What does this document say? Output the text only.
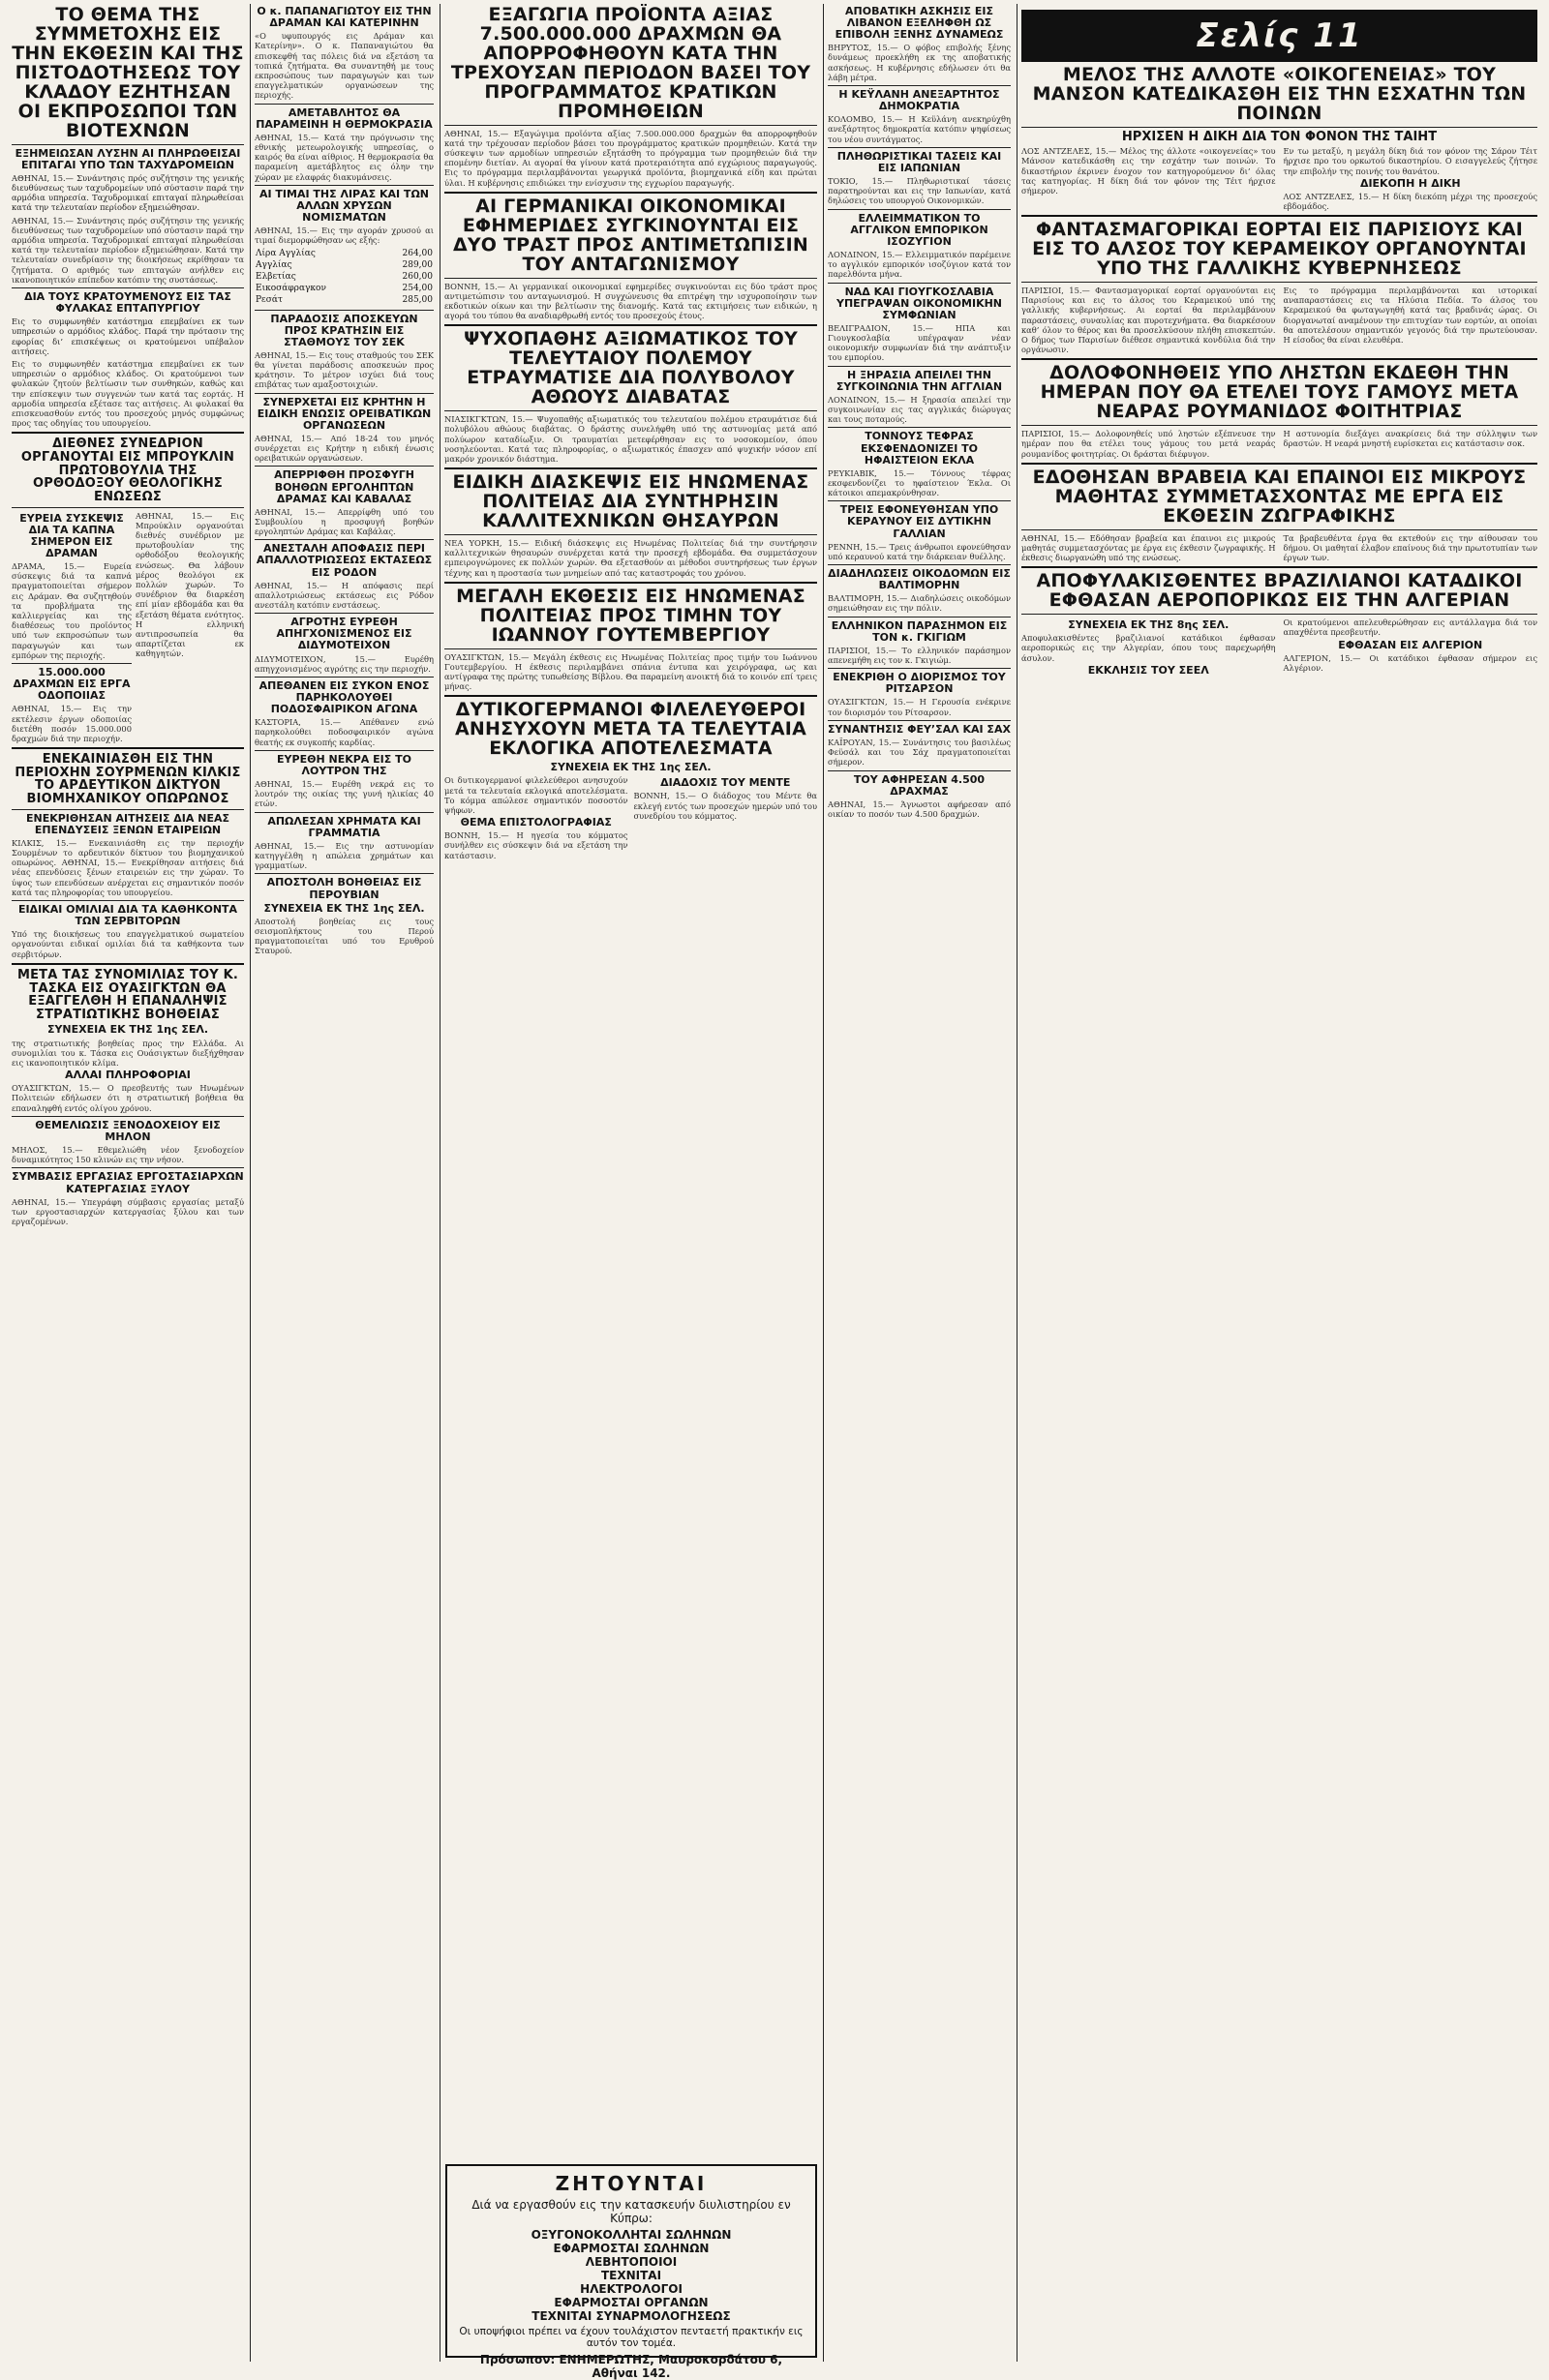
ΤΟ ΘΕΜΑ ΤΗΣ ΣΥΜΜΕΤΟΧΗΣ ΕΙΣ ΤΗΝ ΕΚΘΕΣΙΝ ΚΑΙ ΤΗΣ ΠΙΣΤΟΔΟΤΗΣΕΩΣ ΤΟΥ ΚΛΑΔΟΥ ΕΖΗΤΗΣΑΝ ΟΙ ΕΚΠΡΟΣΩΠΟΙ ΤΩΝ ΒΙΟΤΕΧΝΩΝ
ΕΞΗΜΕΙΩΣΑΝ ΛΥΣΗΝ ΑΙ ΠΛΗΡΩΘΕΙΣΑΙ ΕΠΙΤΑΓΑΙ ΥΠΟ ΤΩΝ ΤΑΧΥΔΡΟΜΕΙΩΝ

ΑΘΗΝΑΙ, 15.— Συνάντησις πρός συζήτησιν της γενικής διευθύνσεως των ταχυδρομείων υπό σύστασιν παρά την αρμόδια υπηρεσία. Ταχυδρομικαί επιταγαί πληρωθείσαι κατά την τελευταίαν περίοδον εξημειώθησαν.

ΑΘΗΝΑΙ, 15.— Συνάντησις πρός συζήτησιν της γενικής διευθύνσεως των ταχυδρομείων υπό σύστασιν παρά την αρμόδια υπηρεσία. Ταχυδρομικαί επιταγαί πληρωθείσαι κατά την τελευταίαν περίοδον εξημειώθησαν. Κατά την τελευταίαν συνεδρίασιν της διοικήσεως εκρίθησαν τα ζητήματα. Ο αριθμός των επιταγών ανήλθεν εις ικανοποιητικόν επίπεδον κατόπιν της συστάσεως.

ΔΙΑ ΤΟΥΣ ΚΡΑΤΟΥΜΕΝΟΥΣ ΕΙΣ ΤΑΣ ΦΥΛΑΚΑΣ ΕΠΤΑΠΥΡΓΙΟΥ

Εις το συμφωνηθέν κατάστημα επεμβαίνει εκ των υπηρεσιών ο αρμόδιος κλάδος. Παρά την πρότασιν της εφορίας δι’ επισκέψεως οι κρατούμενοι υπέβαλον αιτήσεις.

Εις το συμφωνηθέν κατάστημα επεμβαίνει εκ των υπηρεσιών ο αρμόδιος κλάδος. Οι κρατούμενοι των φυλακών ζητούν βελτίωσιν των συνθηκών, καθώς και την επίσκεψιν των συγγενών των κατά τας εορτάς. Η αρμοδία υπηρεσία εξέτασε τας αιτήσεις. Αι φυλακαί θα επισκευασθούν εντός του προσεχούς μηνός συμφώνως προς τας οδηγίας του υπουργείου.

ΔΙΕΘΝΕΣ ΣΥΝΕΔΡΙΟΝ ΟΡΓΑΝΟΥΤΑΙ ΕΙΣ ΜΠΡΟΥΚΛΙΝ ΠΡΩΤΟΒΟΥΛΙΑ ΤΗΣ ΟΡΘΟΔΟΞΟΥ ΘΕΟΛΟΓΙΚΗΣ ΕΝΩΣΕΩΣ
ΕΥΡΕΙΑ ΣΥΣΚΕΨΙΣ ΔΙΑ ΤΑ ΚΑΠΝΑ ΣΗΜΕΡΟΝ ΕΙΣ ΔΡΑΜΑΝ

ΔΡΑΜΑ, 15.— Ευρεία σύσκεψις διά τα καπνά πραγματοποιείται σήμερον εις Δράμαν. Θα συζητηθούν τα προβλήματα της καλλιεργείας και της διαθέσεως του προϊόντος υπό των εκπροσώπων των παραγωγών και των εμπόρων της περιοχής.

15.000.000 ΔΡΑΧΜΩΝ ΕΙΣ ΕΡΓΑ ΟΔΟΠΟΙΙΑΣ

ΑΘΗΝΑΙ, 15.— Εις την εκτέλεσιν έργων οδοποιίας διετέθη ποσόν 15.000.000 δραχμών διά την περιοχήν.

ΑΘΗΝΑΙ, 15.— Εις Μπρούκλιν οργανούται διεθνές συνέδριον με πρωτοβουλίαν της ορθοδόξου θεολογικής ενώσεως. Θα λάβουν μέρος θεολόγοι εκ πολλών χωρών. Το συνέδριον θα διαρκέση επί μίαν εβδομάδα και θα εξετάση θέματα ενότητος. Η ελληνική αντιπροσωπεία θα απαρτίζεται εκ καθηγητών.

ΕΝΕΚΑΙΝΙΑΣΘΗ ΕΙΣ ΤΗΝ ΠΕΡΙΟΧΗΝ ΣΟΥΡΜΕΝΩΝ ΚΙΛΚΙΣ ΤΟ ΑΡΔΕΥΤΙΚΟΝ ΔΙΚΤΥΟΝ ΒΙΟΜΗΧΑΝΙΚΟΥ ΟΠΩΡΩΝΟΣ
ΕΝΕΚΡΙΘΗΣΑΝ ΑΙΤΗΣΕΙΣ ΔΙΑ ΝΕΑΣ ΕΠΕΝΔΥΣΕΙΣ ΞΕΝΩΝ ΕΤΑΙΡΕΙΩΝ

ΚΙΛΚΙΣ, 15.— Ενεκαινιάσθη εις την περιοχήν Σουρμένων το αρδευτικόν δίκτυον του βιομηχανικού οπωρώνος. ΑΘΗΝΑΙ, 15.— Ενεκρίθησαν αιτήσεις διά νέας επενδύσεις ξένων εταιρειών εις την χώραν. Το ύψος των επενδύσεων ανέρχεται εις σημαντικόν ποσόν κατά τας πληροφορίας του υπουργείου.

ΕΙΔΙΚΑΙ ΟΜΙΛΙΑΙ ΔΙΑ ΤΑ ΚΑΘΗΚΟΝΤΑ ΤΩΝ ΣΕΡΒΙΤΟΡΩΝ

Υπό της διοικήσεως του επαγγελματικού σωματείου οργανούνται ειδικαί ομιλίαι διά τα καθήκοντα των σερβιτόρων.

ΜΕΤΑ ΤΑΣ ΣΥΝΟΜΙΛΙΑΣ ΤΟΥ Κ. ΤΑΣΚΑ ΕΙΣ ΟΥΑΣΙΓΚΤΩΝ ΘΑ ΕΞΑΓΓΕΛΘΗ Η ΕΠΑΝΑΛΗΨΙΣ ΣΤΡΑΤΙΩΤΙΚΗΣ ΒΟΗΘΕΙΑΣ
ΣΥΝΕΧΕΙΑ ΕΚ ΤΗΣ 1ης ΣΕΛ.

της στρατιωτικής βοηθείας προς την Ελλάδα. Αι συνομιλίαι του κ. Τάσκα εις Ουάσιγκτων διεξήχθησαν εις ικανοποιητικόν κλίμα.

ΑΛΛΑΙ ΠΛΗΡΟΦΟΡΙΑΙ

ΟΥΑΣΙΓΚΤΩΝ, 15.— Ο πρεσβευτής των Ηνωμένων Πολιτειών εδήλωσεν ότι η στρατιωτική βοήθεια θα επαναληφθή εντός ολίγου χρόνου.

ΘΕΜΕΛΙΩΣΙΣ ΞΕΝΟΔΟΧΕΙΟΥ ΕΙΣ ΜΗΛΟΝ

ΜΗΛΟΣ, 15.— Εθεμελιώθη νέον ξενοδοχείον δυναμικότητος 150 κλινών εις την νήσον.

ΣΥΜΒΑΣΙΣ ΕΡΓΑΣΙΑΣ ΕΡΓΟΣΤΑΣΙΑΡΧΩΝ ΚΑΤΕΡΓΑΣΙΑΣ ΞΥΛΟΥ

ΑΘΗΝΑΙ, 15.— Υπεγράφη σύμβασις εργασίας μεταξύ των εργοστασιαρχών κατεργασίας ξύλου και των εργαζομένων.

Ο κ. ΠΑΠΑΝΑΓΙΩΤΟΥ ΕΙΣ ΤΗΝ ΔΡΑΜΑΝ ΚΑΙ ΚΑΤΕΡΙΝΗΝ

«Ο υφυπουργός εις Δράμαν και Κατερίνην». Ο κ. Παπαναγιώτου θα επισκεφθή τας πόλεις διά να εξετάση τα τοπικά ζητήματα. Θα συναντηθή με τους εκπροσώπους των παραγωγών και των επαγγελματικών οργανώσεων της περιοχής.

ΑΜΕΤΑΒΛΗΤΟΣ ΘΑ ΠΑΡΑΜΕΙΝΗ Η ΘΕΡΜΟΚΡΑΣΙΑ

ΑΘΗΝΑΙ, 15.— Κατά την πρόγνωσιν της εθνικής μετεωρολογικής υπηρεσίας, ο καιρός θα είναι αίθριος. Η θερμοκρασία θα παραμείνη αμετάβλητος εις όλην την χώραν με ελαφράς διακυμάνσεις.

ΑΙ ΤΙΜΑΙ ΤΗΣ ΛΙΡΑΣ ΚΑΙ ΤΩΝ ΑΛΛΩΝ ΧΡΥΣΩΝ ΝΟΜΙΣΜΑΤΩΝ

ΑΘΗΝΑΙ, 15.— Εις την αγοράν χρυσού αι τιμαί διεμορφώθησαν ως εξής:

Λίρα Αγγλίας	264,00
Αγγλίας	289,00
Ελβετίας	260,00
Εικοσάφραγκον	254,00
Ρεσάτ	285,00
ΠΑΡΑΔΟΣΙΣ ΑΠΟΣΚΕΥΩΝ ΠΡΟΣ ΚΡΑΤΗΣΙΝ ΕΙΣ ΣΤΑΘΜΟΥΣ ΤΟΥ ΣΕΚ

ΑΘΗΝΑΙ, 15.— Εις τους σταθμούς του ΣΕΚ θα γίνεται παράδοσις αποσκευών προς κράτησιν. Το μέτρον ισχύει διά τους επιβάτας των αμαξοστοιχιών.

ΣΥΝΕΡΧΕΤΑΙ ΕΙΣ ΚΡΗΤΗΝ Η ΕΙΔΙΚΗ ΕΝΩΣΙΣ ΟΡΕΙΒΑΤΙΚΩΝ ΟΡΓΑΝΩΣΕΩΝ

ΑΘΗΝΑΙ, 15.— Από 18-24 του μηνός συνέρχεται εις Κρήτην η ειδική ένωσις ορειβατικών οργανώσεων.

ΑΠΕΡΡΙΦΘΗ ΠΡΟΣΦΥΓΗ ΒΟΗΘΩΝ ΕΡΓΟΛΗΠΤΩΝ ΔΡΑΜΑΣ ΚΑΙ ΚΑΒΑΛΑΣ

ΑΘΗΝΑΙ, 15.— Απερρίφθη υπό του Συμβουλίου η προσφυγή βοηθών εργοληπτών Δράμας και Καβάλας.

ΑΝΕΣΤΑΛΗ ΑΠΟΦΑΣΙΣ ΠΕΡΙ ΑΠΑΛΛΟΤΡΙΩΣΕΩΣ ΕΚΤΑΣΕΩΣ ΕΙΣ ΡΟΔΟΝ

ΑΘΗΝΑΙ, 15.— Η απόφασις περί απαλλοτριώσεως εκτάσεως εις Ρόδον ανεστάλη κατόπιν ενστάσεως.

ΑΓΡΟΤΗΣ ΕΥΡΕΘΗ ΑΠΗΓΧΟΝΙΣΜΕΝΟΣ ΕΙΣ ΔΙΔΥΜΟΤΕΙΧΟΝ

ΔΙΔΥΜΟΤΕΙΧΟΝ, 15.— Ευρέθη απηγχονισμένος αγρότης εις την περιοχήν.

ΑΠΕΘΑΝΕΝ ΕΙΣ ΣΥΚΟΝ ΕΝΟΣ ΠΑΡΗΚΟΛΟΥΘΕΙ ΠΟΔΟΣΦΑΙΡΙΚΟΝ ΑΓΩΝΑ

ΚΑΣΤΟΡΙΑ, 15.— Απέθανεν ενώ παρηκολούθει ποδοσφαιρικόν αγώνα θεατής εκ συγκοπής καρδίας.

ΕΥΡΕΘΗ ΝΕΚΡΑ ΕΙΣ ΤΟ ΛΟΥΤΡΟΝ ΤΗΣ

ΑΘΗΝΑΙ, 15.— Ευρέθη νεκρά εις το λουτρόν της οικίας της γυνή ηλικίας 40 ετών.

ΑΠΩΛΕΣΑΝ ΧΡΗΜΑΤΑ ΚΑΙ ΓΡΑΜΜΑΤΙΑ

ΑΘΗΝΑΙ, 15.— Εις την αστυνομίαν κατηγγέλθη η απώλεια χρημάτων και γραμματίων.

ΑΠΟΣΤΟΛΗ ΒΟΗΘΕΙΑΣ ΕΙΣ ΠΕΡΟΥΒΙΑΝ
ΣΥΝΕΧΕΙΑ ΕΚ ΤΗΣ 1ης ΣΕΛ.

Αποστολή βοηθείας εις τους σεισμοπλήκτους του Περού πραγματοποιείται υπό του Ερυθρού Σταυρού.

ΕΞΑΓΩΓΙΑ ΠΡΟΪΟΝΤΑ ΑΞΙΑΣ 7.500.000.000 ΔΡΑΧΜΩΝ ΘΑ ΑΠΟΡΡΟΦΗΘΟΥΝ ΚΑΤΑ ΤΗΝ ΤΡΕΧΟΥΣΑΝ ΠΕΡΙΟΔΟΝ ΒΑΣΕΙ ΤΟΥ ΠΡΟΓΡΑΜΜΑΤΟΣ ΚΡΑΤΙΚΩΝ ΠΡΟΜΗΘΕΙΩΝ

ΑΘΗΝΑΙ, 15.— Εξαγώγιμα προϊόντα αξίας 7.500.000.000 δραχμών θα απορροφηθούν κατά την τρέχουσαν περίοδον βάσει του προγράμματος κρατικών προμηθειών. Κατά την σύσκεψιν των αρμοδίων υπηρεσιών εξητάσθη το πρόγραμμα των προμηθειών διά την επομένην διετίαν. Αι αγοραί θα γίνουν κατά προτεραιότητα από εγχώριους παραγωγούς. Εις το πρόγραμμα περιλαμβάνονται γεωργικά προϊόντα, βιομηχανικά είδη και πρώται ύλαι. Η κυβέρνησις επιδιώκει την ενίσχυσιν της εγχωρίου παραγωγής.

ΑΙ ΓΕΡΜΑΝΙΚΑΙ ΟΙΚΟΝΟΜΙΚΑΙ ΕΦΗΜΕΡΙΔΕΣ ΣΥΓΚΙΝΟΥΝΤΑΙ ΕΙΣ ΔΥΟ ΤΡΑΣΤ ΠΡΟΣ ΑΝΤΙΜΕΤΩΠΙΣΙΝ ΤΟΥ ΑΝΤΑΓΩΝΙΣΜΟΥ

ΒΟΝΝΗ, 15.— Αι γερμανικαί οικονομικαί εφημερίδες συγκινούνται εις δύο τράστ προς αντιμετώπισιν του ανταγωνισμού. Η συγχώνευσις θα επιτρέψη την ισχυροποίησιν των εκδοτικών οίκων και την βελτίωσιν της διανομής. Κατά τας εκτιμήσεις των ειδικών, η αγορά του τύπου θα αναδιαρθρωθή εντός του προσεχούς έτους.

ΨΥΧΟΠΑΘΗΣ ΑΞΙΩΜΑΤΙΚΟΣ ΤΟΥ ΤΕΛΕΥΤΑΙΟΥ ΠΟΛΕΜΟΥ ΕΤΡΑΥΜΑΤΙΣΕ ΔΙΑ ΠΟΛΥΒΟΛΟΥ ΑΘΩΟΥΣ ΔΙΑΒΑΤΑΣ

ΝΙΑΣΙΚΓΚΤΩΝ, 15.— Ψυχοπαθής αξιωματικός του τελευταίου πολέμου ετραυμάτισε διά πολυβόλου αθώους διαβάτας. Ο δράστης συνελήφθη υπό της αστυνομίας μετά από πολύωρον καταδίωξιν. Οι τραυματίαι μετεφέρθησαν εις το νοσοκομείον, όπου νοσηλεύονται. Κατά τας πληροφορίας, ο αξιωματικός έπασχεν από ψυχικήν νόσον επί μακρόν χρονικόν διάστημα.

ΕΙΔΙΚΗ ΔΙΑΣΚΕΨΙΣ ΕΙΣ ΗΝΩΜΕΝΑΣ ΠΟΛΙΤΕΙΑΣ ΔΙΑ ΣΥΝΤΗΡΗΣΙΝ ΚΑΛΛΙΤΕΧΝΙΚΩΝ ΘΗΣΑΥΡΩΝ

ΝΕΑ ΥΟΡΚΗ, 15.— Ειδική διάσκεψις εις Ηνωμένας Πολιτείας διά την συντήρησιν καλλιτεχνικών θησαυρών συνέρχεται κατά την προσεχή εβδομάδα. Θα συμμετάσχουν εμπειρογνώμονες εκ πολλών χωρών. Θα εξετασθούν αι μέθοδοι συντηρήσεως των έργων τέχνης και η προστασία των μνημείων από τας καταστροφάς του χρόνου.

ΜΕΓΑΛΗ ΕΚΘΕΣΙΣ ΕΙΣ ΗΝΩΜΕΝΑΣ ΠΟΛΙΤΕΙΑΣ ΠΡΟΣ ΤΙΜΗΝ ΤΟΥ ΙΩΑΝΝΟΥ ΓΟΥΤΕΜΒΕΡΓΙΟΥ

ΟΥΑΣΙΓΚΤΩΝ, 15.— Μεγάλη έκθεσις εις Ηνωμένας Πολιτείας προς τιμήν του Ιωάννου Γουτεμβεργίου. Η έκθεσις περιλαμβάνει σπάνια έντυπα και χειρόγραφα, ως και αντίγραφα της πρώτης τυπωθείσης Βίβλου. Θα παραμείνη ανοικτή διά το κοινόν επί τρεις μήνας.

ΔΥΤΙΚΟΓΕΡΜΑΝΟΙ ΦΙΛΕΛΕΥΘΕΡΟΙ ΑΝΗΣΥΧΟΥΝ ΜΕΤΑ ΤΑ ΤΕΛΕΥΤΑΙΑ ΕΚΛΟΓΙΚΑ ΑΠΟΤΕΛΕΣΜΑΤΑ
ΣΥΝΕΧΕΙΑ ΕΚ ΤΗΣ 1ης ΣΕΛ.

Οι δυτικογερμανοί φιλελεύθεροι ανησυχούν μετά τα τελευταία εκλογικά αποτελέσματα. Το κόμμα απώλεσε σημαντικόν ποσοστόν ψήφων.

ΘΕΜΑ ΕΠΙΣΤΟΛΟΓΡΑΦΙΑΣ

ΒΟΝΝΗ, 15.— Η ηγεσία του κόμματος συνήλθεν εις σύσκεψιν διά να εξετάση την κατάστασιν.

ΔΙΑΔΟΧΙΣ ΤΟΥ ΜΕΝΤΕ

ΒΟΝΝΗ, 15.— Ο διάδοχος του Μέντε θα εκλεγή εντός των προσεχών ημερών υπό του συνεδρίου του κόμματος.

ΖΗΤΟΥΝΤΑΙ
Διά να εργασθούν εις την κατασκευήν διυλιστηρίου εν Κύπρω:
ΟΞΥΓΟΝΟΚΟΛΛΗΤΑΙ ΣΩΛΗΝΩΝ
ΕΦΑΡΜΟΣΤΑΙ ΣΩΛΗΝΩΝ
ΛΕΒΗΤΟΠΟΙΟΙ
ΤΕΧΝΙΤΑΙ
ΗΛΕΚΤΡΟΛΟΓΟΙ
ΕΦΑΡΜΟΣΤΑΙ ΟΡΓΑΝΩΝ
ΤΕΧΝΙΤΑΙ ΣΥΝΑΡΜΟΛΟΓΗΣΕΩΣ
Οι υποψήφιοι πρέπει να έχουν τουλάχιστον πενταετή πρακτικήν εις αυτόν τον τομέα.
Πρόσωπον: ΕΝΗΜΕΡΩΤΗΣ, Μαυροκορδάτου 6, Αθήναι 142.
ΑΠΟΒΑΤΙΚΗ ΑΣΚΗΣΙΣ ΕΙΣ ΛΙΒΑΝΟΝ ΕΞΕΛΗΦΘΗ ΩΣ ΕΠΙΒΟΛΗ ΞΕΝΗΣ ΔΥΝΑΜΕΩΣ

ΒΗΡΥΤΟΣ, 15.— Ο φόβος επιβολής ξένης δυνάμεως προεκλήθη εκ της αποβατικής ασκήσεως. Η κυβέρνησις εδήλωσεν ότι θα λάβη μέτρα.

Η ΚΕΫΛΑΝΗ ΑΝΕΞΑΡΤΗΤΟΣ ΔΗΜΟΚΡΑΤΙΑ

ΚΟΛΟΜΒΟ, 15.— Η Κεϋλάνη ανεκηρύχθη ανεξάρτητος δημοκρατία κατόπιν ψηφίσεως του νέου συντάγματος.

ΠΛΗΘΩΡΙΣΤΙΚΑΙ ΤΑΣΕΙΣ ΚΑΙ ΕΙΣ ΙΑΠΩΝΙΑΝ

ΤΟΚΙΟ, 15.— Πληθωριστικαί τάσεις παρατηρούνται και εις την Ιαπωνίαν, κατά δηλώσεις του υπουργού Οικονομικών.

ΕΛΛΕΙΜΜΑΤΙΚΟΝ ΤΟ ΑΓΓΛΙΚΟΝ ΕΜΠΟΡΙΚΟΝ ΙΣΟΖΥΓΙΟΝ

ΛΟΝΔΙΝΟΝ, 15.— Ελλειμματικόν παρέμεινε το αγγλικόν εμπορικόν ισοζύγιον κατά τον παρελθόντα μήνα.

ΝΑΔ ΚΑΙ ΓΙΟΥΓΚΟΣΛΑΒΙΑ ΥΠΕΓΡΑΨΑΝ ΟΙΚΟΝΟΜΙΚΗΝ ΣΥΜΦΩΝΙΑΝ

ΒΕΛΙΓΡΑΔΙΟΝ, 15.— ΗΠΑ και Γιουγκοσλαβία υπέγραψαν νέαν οικονομικήν συμφωνίαν διά την ανάπτυξιν του εμπορίου.

Η ΞΗΡΑΣΙΑ ΑΠΕΙΛΕΙ ΤΗΝ ΣΥΓΚΟΙΝΩΝΙΑ ΤΗΝ ΑΓΓΛΙΑΝ

ΛΟΝΔΙΝΟΝ, 15.— Η ξηρασία απειλεί την συγκοινωνίαν εις τας αγγλικάς διώρυγας και τους ποταμούς.

ΤΟΝΝΟΥΣ ΤΕΦΡΑΣ ΕΚΣΦΕΝΔΟΝΙΖΕΙ ΤΟ ΗΦΑΙΣΤΕΙΟΝ ΕΚΛΑ

ΡΕΥΚΙΑΒΙΚ, 15.— Τόννους τέφρας εκσφενδονίζει το ηφαίστειον Έκλα. Οι κάτοικοι απεμακρύνθησαν.

ΤΡΕΙΣ ΕΦΟΝΕΥΘΗΣΑΝ ΥΠΟ ΚΕΡΑΥΝΟΥ ΕΙΣ ΔΥΤΙΚΗΝ ΓΑΛΛΙΑΝ

ΡΕΝΝΗ, 15.— Τρεις άνθρωποι εφονεύθησαν υπό κεραυνού κατά την διάρκειαν θυέλλης.

ΔΙΑΔΗΛΩΣΕΙΣ ΟΙΚΟΔΟΜΩΝ ΕΙΣ ΒΑΛΤΙΜΟΡΗΝ

ΒΑΛΤΙΜΟΡΗ, 15.— Διαδηλώσεις οικοδόμων σημειώθησαν εις την πόλιν.

ΕΛΛΗΝΙΚΟΝ ΠΑΡΑΣΗΜΟΝ ΕΙΣ ΤΟΝ κ. ΓΚΙΓΙΩΜ

ΠΑΡΙΣΙΟΙ, 15.— Το ελληνικόν παράσημον απενεμήθη εις τον κ. Γκιγιώμ.

ΕΝΕΚΡΙΘΗ Ο ΔΙΟΡΙΣΜΟΣ ΤΟΥ ΡΙΤΣΑΡΣΟΝ

ΟΥΑΣΙΓΚΤΩΝ, 15.— Η Γερουσία ενέκρινε τον διορισμόν του Ρίτσαρσον.

ΣΥΝΑΝΤΗΣΙΣ ΦΕΥ’ΣΑΛ ΚΑΙ ΣΑΧ

ΚΑΪΡΟΥΑΝ, 15.— Συνάντησις του βασιλέως Φεϋσάλ και του Σάχ πραγματοποιείται σήμερον.

ΤΟΥ ΑΦΗΡΕΣΑΝ 4.500 ΔΡΑΧΜΑΣ

ΑΘΗΝΑΙ, 15.— Άγνωστοι αφήρεσαν από οικίαν το ποσόν των 4.500 δραχμών.

Σελίς 11
ΜΕΛΟΣ ΤΗΣ ΑΛΛΟΤΕ «ΟΙΚΟΓΕΝΕΙΑΣ» ΤΟΥ ΜΑΝΣΟΝ ΚΑΤΕΔΙΚΑΣΘΗ ΕΙΣ ΤΗΝ ΕΣΧΑΤΗΝ ΤΩΝ ΠΟΙΝΩΝ
ΗΡΧΙΣΕΝ Η ΔΙΚΗ ΔΙΑ ΤΟΝ ΦΟΝΟΝ ΤΗΣ ΤΑΙΗΤ

ΛΟΣ ΑΝΤΖΕΛΕΣ, 15.— Μέλος της άλλοτε «οικογενείας» του Μάνσον κατεδικάσθη εις την εσχάτην των ποινών. Το δικαστήριον έκρινεν ένοχον τον κατηγορούμενον δι’ όλας τας κατηγορίας. Η δίκη διά τον φόνον της Τέιτ ήρχισε σήμερον.

Εν τω μεταξύ, η μεγάλη δίκη διά τον φόνον της Σάρον Τέιτ ήρχισε προ του ορκωτού δικαστηρίου. Ο εισαγγελεύς ζήτησε την επιβολήν της ποινής του θανάτου.

ΔΙΕΚΟΠΗ Η ΔΙΚΗ

ΛΟΣ ΑΝΤΖΕΛΕΣ, 15.— Η δίκη διεκόπη μέχρι της προσεχούς εβδομάδος.

ΦΑΝΤΑΣΜΑΓΟΡΙΚΑΙ ΕΟΡΤΑΙ ΕΙΣ ΠΑΡΙΣΙΟΥΣ ΚΑΙ ΕΙΣ ΤΟ ΑΛΣΟΣ ΤΟΥ ΚΕΡΑΜΕΙΚΟΥ ΟΡΓΑΝΟΥΝΤΑΙ ΥΠΟ ΤΗΣ ΓΑΛΛΙΚΗΣ ΚΥΒΕΡΝΗΣΕΩΣ

ΠΑΡΙΣΙΟΙ, 15.— Φαντασμαγορικαί εορταί οργανούνται εις Παρισίους και εις το άλσος του Κεραμεικού υπό της γαλλικής κυβερνήσεως. Αι εορταί θα περιλαμβάνουν παραστάσεις, συναυλίας και πυροτεχνήματα. Θα διαρκέσουν καθ’ όλον το θέρος και θα προσελκύσουν πλήθη επισκεπτών. Ο δήμος των Παρισίων διέθεσε σημαντικά κονδύλια διά την οργάνωσιν.

Εις το πρόγραμμα περιλαμβάνονται και ιστορικαί αναπαραστάσεις εις τα Ηλύσια Πεδία. Το άλσος του Κεραμεικού θα φωταγωγηθή κατά τας βραδινάς ώρας. Οι διοργανωταί αναμένουν την επιτυχίαν των εορτών, αι οποίαι θα αποτελέσουν σημαντικόν γεγονός διά την πρωτεύουσαν. Η είσοδος θα είναι ελευθέρα.

ΔΟΛΟΦΟΝΗΘΕΙΣ ΥΠΟ ΛΗΣΤΩΝ ΕΚΔΕΘΗ ΤΗΝ ΗΜΕΡΑΝ ΠΟΥ ΘΑ ΕΤΕΛΕΙ ΤΟΥΣ ΓΑΜΟΥΣ ΜΕΤΑ ΝΕΑΡΑΣ ΡΟΥΜΑΝΙΔΟΣ ΦΟΙΤΗΤΡΙΑΣ

ΠΑΡΙΣΙΟΙ, 15.— Δολοφονηθείς υπό ληστών εξέπνευσε την ημέραν που θα ετέλει τους γάμους του μετά νεαράς ρουμανίδος φοιτητρίας. Οι δράσται διέφυγον.

Η αστυνομία διεξάγει ανακρίσεις διά την σύλληψιν των δραστών. Η νεαρά μνηστή ευρίσκεται εις κατάστασιν σοκ.

ΕΔΟΘΗΣΑΝ ΒΡΑΒΕΙΑ ΚΑΙ ΕΠΑΙΝΟΙ ΕΙΣ ΜΙΚΡΟΥΣ ΜΑΘΗΤΑΣ ΣΥΜΜΕΤΑΣΧΟΝΤΑΣ ΜΕ ΕΡΓΑ ΕΙΣ ΕΚΘΕΣΙΝ ΖΩΓΡΑΦΙΚΗΣ

ΑΘΗΝΑΙ, 15.— Εδόθησαν βραβεία και έπαινοι εις μικρούς μαθητάς συμμετασχόντας με έργα εις έκθεσιν ζωγραφικής. Η έκθεσις διωργανώθη υπό της ενώσεως.

Τα βραβευθέντα έργα θα εκτεθούν εις την αίθουσαν του δήμου. Οι μαθηταί έλαβον επαίνους διά την πρωτοτυπίαν των έργων των.

ΑΠΟΦΥΛΑΚΙΣΘΕΝΤΕΣ ΒΡΑΖΙΛΙΑΝΟΙ ΚΑΤΑΔΙΚΟΙ ΕΦΘΑΣΑΝ ΑΕΡΟΠΟΡΙΚΩΣ ΕΙΣ ΤΗΝ ΑΛΓΕΡΙΑΝ
ΣΥΝΕΧΕΙΑ ΕΚ ΤΗΣ 8ης ΣΕΛ.

Αποφυλακισθέντες βραζιλιανοί κατάδικοι έφθασαν αεροπορικώς εις την Αλγερίαν, όπου τους παρεχωρήθη άσυλον.

ΕΚΚΛΗΣΙΣ ΤΟΥ ΣΕΕΛ

Οι κρατούμενοι απελευθερώθησαν εις αντάλλαγμα διά τον απαχθέντα πρεσβευτήν.

ΕΦΘΑΣΑΝ ΕΙΣ ΑΛΓΕΡΙΟΝ

ΑΛΓΕΡΙΟΝ, 15.— Οι κατάδικοι έφθασαν σήμερον εις Αλγέριον.
